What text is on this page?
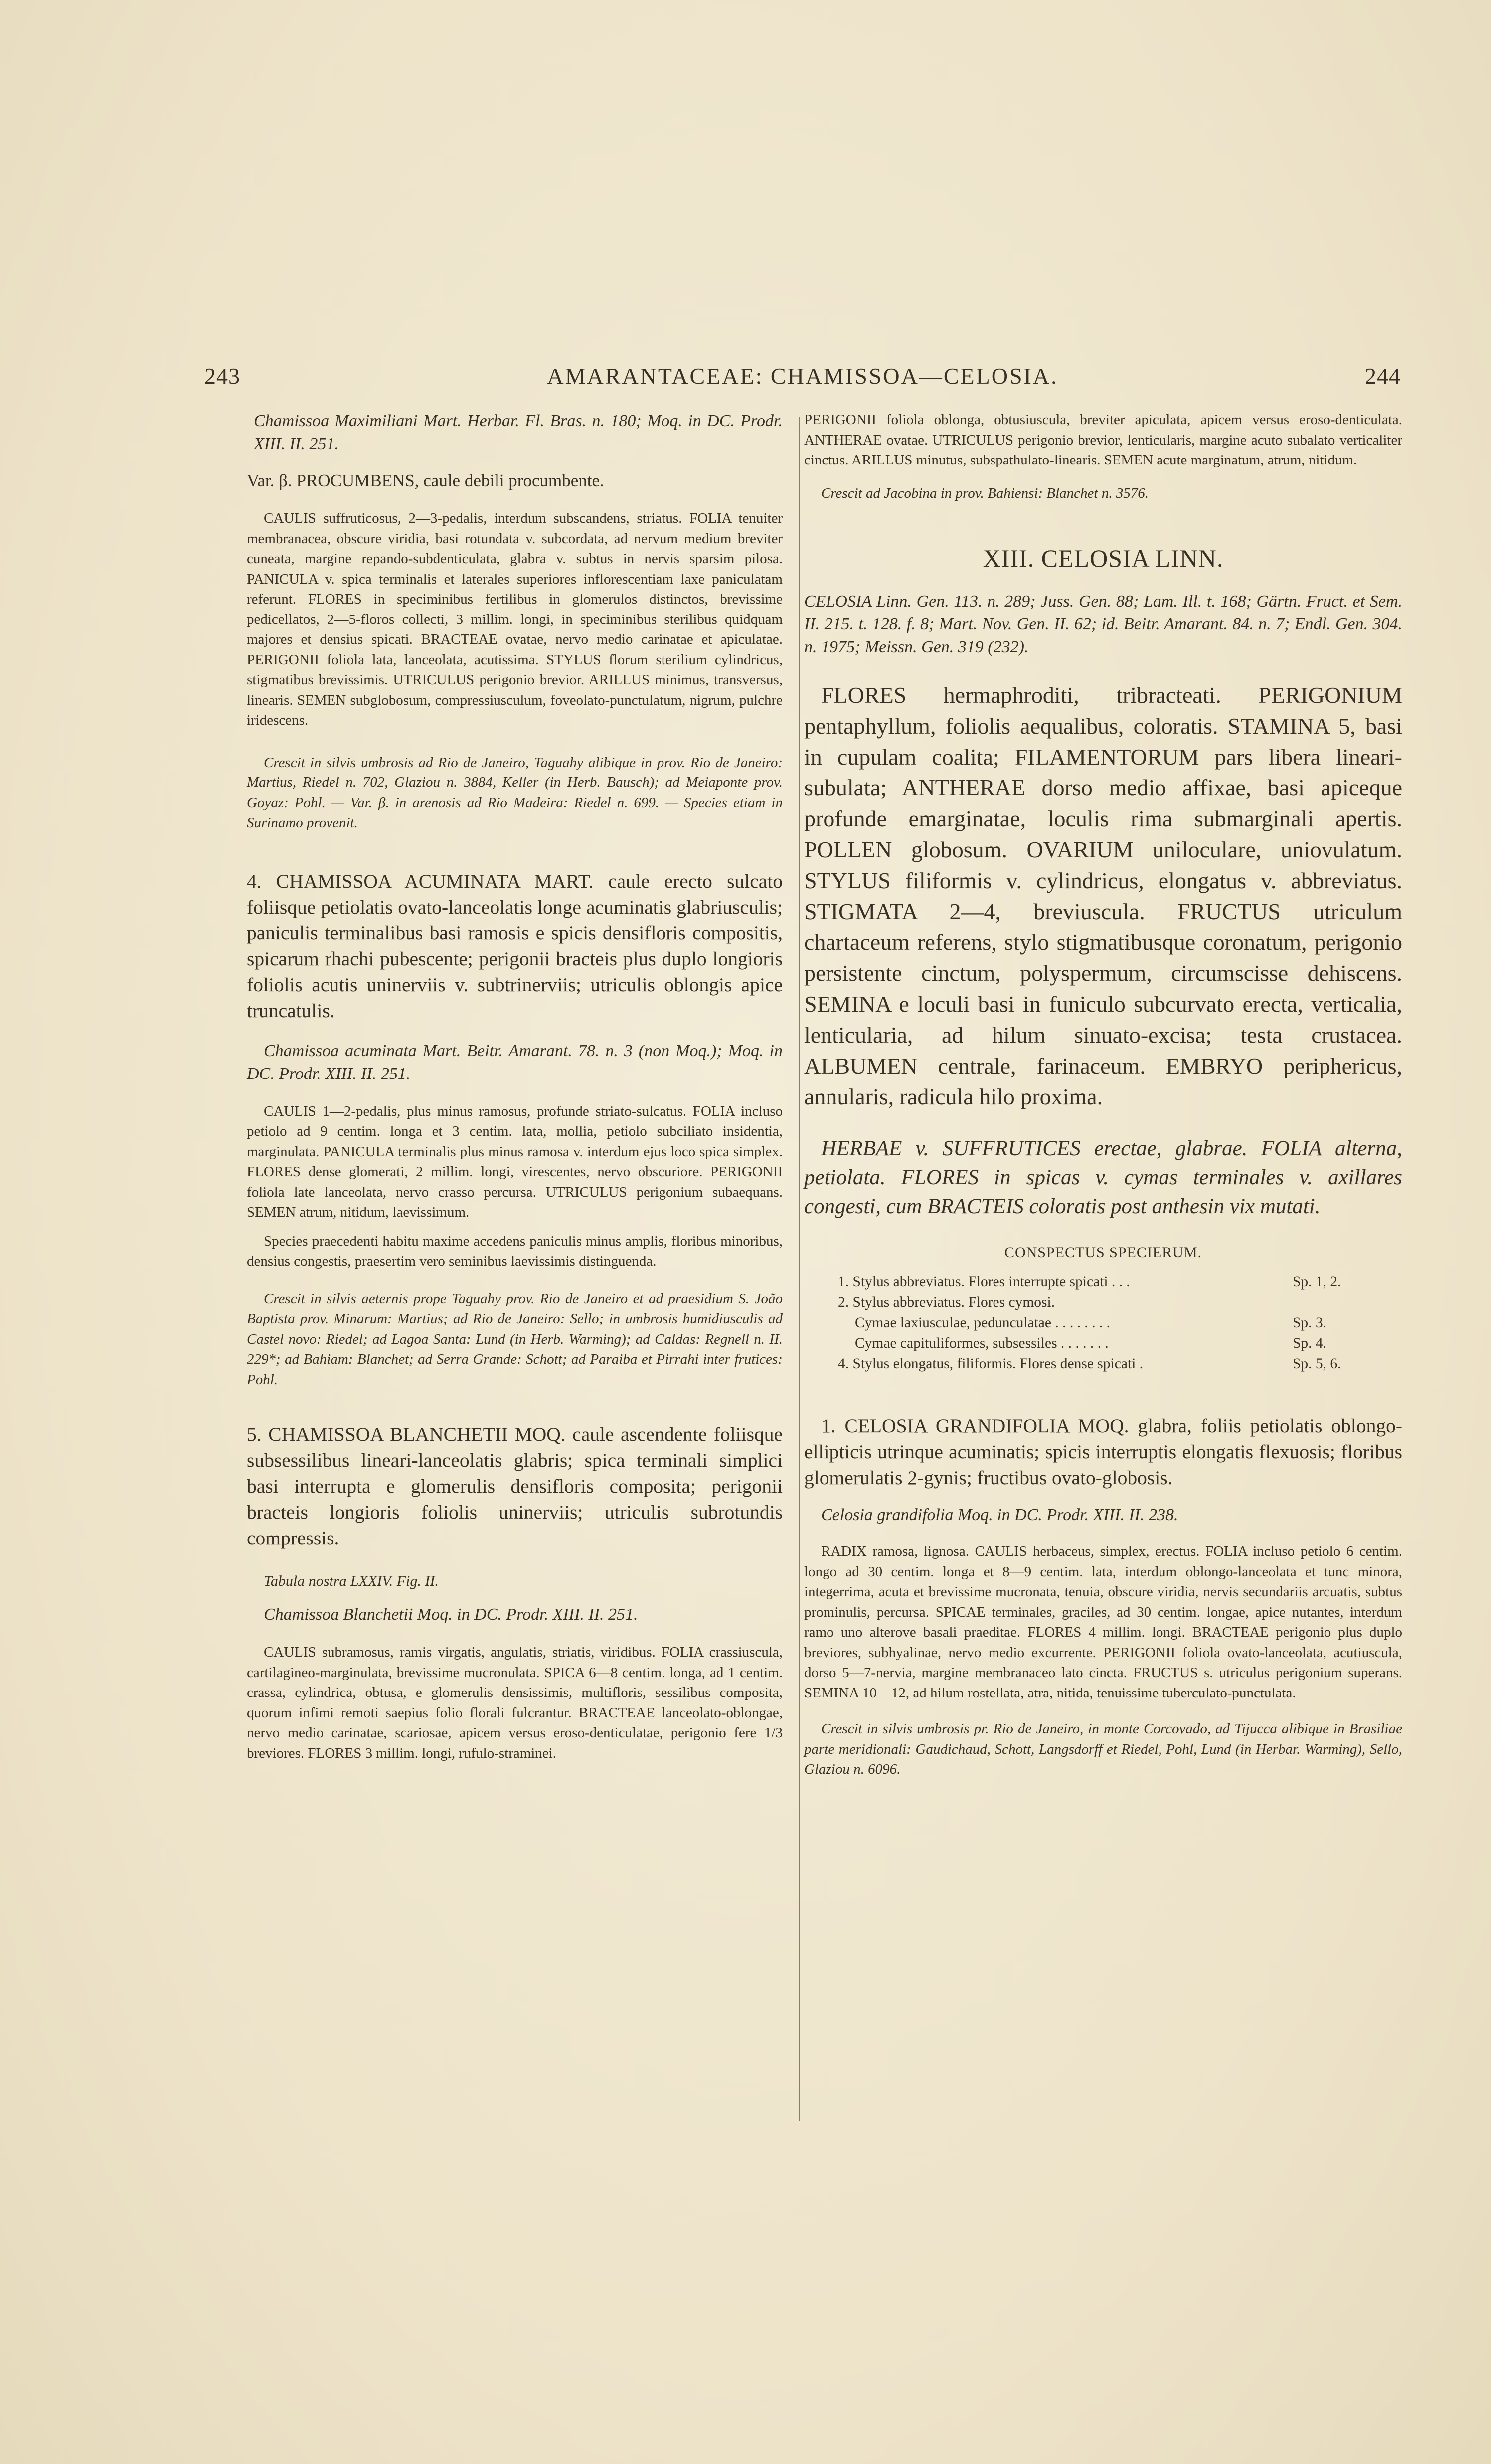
243	AMARANTACEAE: CHAMISSOA—CELOSIA.	244

Chamissoa Maximiliani Mart. Herbar. Fl. Bras. n. 180; Moq. in DC. Prodr. XIII. II. 251.

Var. β. PROCUMBENS, caule debili procumbente.

CAULIS suffruticosus, 2—3-pedalis, interdum subscandens, striatus. FOLIA tenuiter membranacea, obscure viridia, basi rotundata v. subcordata, ad nervum medium breviter cuneata, margine repando-subdenticulata, glabra v. subtus in nervis sparsim pilosa. PANICULA v. spica terminalis et laterales superiores inflorescentiam laxe paniculatam referunt. FLORES in speciminibus fertilibus in glomerulos distinctos, brevissime pedicellatos, 2—5-floros collecti, 3 millim. longi, in speciminibus sterilibus quidquam majores et densius spicati. BRACTEAE ovatae, nervo medio carinatae et apiculatae. PERIGONII foliola lata, lanceolata, acutissima. STYLUS florum sterilium cylindricus, stigmatibus brevissimis. UTRICULUS perigonio brevior. ARILLUS minimus, transversus, linearis. SEMEN subglobosum, compressiusculum, foveolato-punctulatum, nigrum, pulchre iridescens.

Crescit in silvis umbrosis ad Rio de Janeiro, Taguahy alibique in prov. Rio de Janeiro: Martius, Riedel n. 702, Glaziou n. 3884, Keller (in Herb. Bausch); ad Meiaponte prov. Goyaz: Pohl. — Var. β. in arenosis ad Rio Madeira: Riedel n. 699. — Species etiam in Surinamo provenit.

4. CHAMISSOA ACUMINATA MART. caule erecto sulcato foliisque petiolatis ovato-lanceolatis longe acuminatis glabriusculis; paniculis terminalibus basi ramosis e spicis densifloris compositis, spicarum rhachi pubescente; perigonii bracteis plus duplo longioris foliolis acutis uninerviis v. subtrinerviis; utriculis oblongis apice truncatulis.

Chamissoa acuminata Mart. Beitr. Amarant. 78. n. 3 (non Moq.); Moq. in DC. Prodr. XIII. II. 251.

CAULIS 1—2-pedalis, plus minus ramosus, profunde striato-sulcatus. FOLIA incluso petiolo ad 9 centim. longa et 3 centim. lata, mollia, petiolo subciliato insidentia, marginulata. PANICULA terminalis plus minus ramosa v. interdum ejus loco spica simplex. FLORES dense glomerati, 2 millim. longi, virescentes, nervo obscuriore. PERIGONII foliola late lanceolata, nervo crasso percursa. UTRICULUS perigonium subaequans. SEMEN atrum, nitidum, laevissimum.

Species praecedenti habitu maxime accedens paniculis minus amplis, floribus minoribus, densius congestis, praesertim vero seminibus laevissimis distinguenda.

Crescit in silvis aeternis prope Taguahy prov. Rio de Janeiro et ad praesidium S. João Baptista prov. Minarum: Martius; ad Rio de Janeiro: Sello; in umbrosis humidiusculis ad Castel novo: Riedel; ad Lagoa Santa: Lund (in Herb. Warming); ad Caldas: Regnell n. II. 229*; ad Bahiam: Blanchet; ad Serra Grande: Schott; ad Paraiba et Pirrahi inter frutices: Pohl.

5. CHAMISSOA BLANCHETII MOQ. caule ascendente foliisque subsessilibus lineari-lanceolatis glabris; spica terminali simplici basi interrupta e glomerulis densifloris composita; perigonii bracteis longioris foliolis uninerviis; utriculis subrotundis compressis.

Tabula nostra LXXIV. Fig. II.

Chamissoa Blanchetii Moq. in DC. Prodr. XIII. II. 251.

CAULIS subramosus, ramis virgatis, angulatis, striatis, viridibus. FOLIA crassiuscula, cartilagineo-marginulata, brevissime mucronulata. SPICA 6—8 centim. longa, ad 1 centim. crassa, cylindrica, obtusa, e glomerulis densissimis, multifloris, sessilibus composita, quorum infimi remoti saepius folio florali fulcrantur. BRACTEAE lanceolato-oblongae, nervo medio carinatae, scariosae, apicem versus eroso-denticulatae, perigonio fere 1/3 breviores. FLORES 3 millim. longi, rufulo-straminei.

PERIGONII foliola oblonga, obtusiuscula, breviter apiculata, apicem versus eroso-denticulata. ANTHERAE ovatae. UTRICULUS perigonio brevior, lenticularis, margine acuto subalato verticaliter cinctus. ARILLUS minutus, subspathulato-linearis. SEMEN acute marginatum, atrum, nitidum.

Crescit ad Jacobina in prov. Bahiensi: Blanchet n. 3576.

XIII. CELOSIA LINN.

CELOSIA Linn. Gen. 113. n. 289; Juss. Gen. 88; Lam. Ill. t. 168; Gärtn. Fruct. et Sem. II. 215. t. 128. f. 8; Mart. Nov. Gen. II. 62; id. Beitr. Amarant. 84. n. 7; Endl. Gen. 304. n. 1975; Meissn. Gen. 319 (232).

FLORES hermaphroditi, tribracteati. PERIGONIUM pentaphyllum, foliolis aequalibus, coloratis. STAMINA 5, basi in cupulam coalita; FILAMENTORUM pars libera lineari-subulata; ANTHERAE dorso medio affixae, basi apiceque profunde emarginatae, loculis rima submarginali apertis. POLLEN globosum. OVARIUM uniloculare, uniovulatum. STYLUS filiformis v. cylindricus, elongatus v. abbreviatus. STIGMATA 2—4, breviuscula. FRUCTUS utriculum chartaceum referens, stylo stigmatibusque coronatum, perigonio persistente cinctum, polyspermum, circumscisse dehiscens. SEMINA e loculi basi in funiculo subcurvato erecta, verticalia, lenticularia, ad hilum sinuato-excisa; testa crustacea. ALBUMEN centrale, farinaceum. EMBRYO periphericus, annularis, radicula hilo proxima.

HERBAE v. SUFFRUTICES erectae, glabrae. FOLIA alterna, petiolata. FLORES in spicas v. cymas terminales v. axillares congesti, cum BRACTEIS coloratis post anthesin vix mutati.

CONSPECTUS SPECIERUM.

1. Stylus abbreviatus. Flores interrupte spicati . . .	Sp. 1, 2.
2. Stylus abbreviatus. Flores cymosi.
Cymae laxiusculae, pedunculatae . . . . . . . .	Sp. 3.
Cymae capituliformes, subsessiles . . . . . . .	Sp. 4.
4. Stylus elongatus, filiformis. Flores dense spicati .	Sp. 5, 6.

1. CELOSIA GRANDIFOLIA MOQ. glabra, foliis petiolatis oblongo-ellipticis utrinque acuminatis; spicis interruptis elongatis flexuosis; floribus glomerulatis 2-gynis; fructibus ovato-globosis.

Celosia grandifolia Moq. in DC. Prodr. XIII. II. 238.

RADIX ramosa, lignosa. CAULIS herbaceus, simplex, erectus. FOLIA incluso petiolo 6 centim. longo ad 30 centim. longa et 8—9 centim. lata, interdum oblongo-lanceolata et tunc minora, integerrima, acuta et brevissime mucronata, tenuia, obscure viridia, nervis secundariis arcuatis, subtus prominulis, percursa. SPICAE terminales, graciles, ad 30 centim. longae, apice nutantes, interdum ramo uno alterove basali praeditae. FLORES 4 millim. longi. BRACTEAE perigonio plus duplo breviores, subhyalinae, nervo medio excurrente. PERIGONII foliola ovato-lanceolata, acutiuscula, dorso 5—7-nervia, margine membranaceo lato cincta. FRUCTUS s. utriculus perigonium superans. SEMINA 10—12, ad hilum rostellata, atra, nitida, tenuissime tuberculato-punctulata.

Crescit in silvis umbrosis pr. Rio de Janeiro, in monte Corcovado, ad Tijucca alibique in Brasiliae parte meridionali: Gaudichaud, Schott, Langsdorff et Riedel, Pohl, Lund (in Herbar. Warming), Sello, Glaziou n. 6096.
